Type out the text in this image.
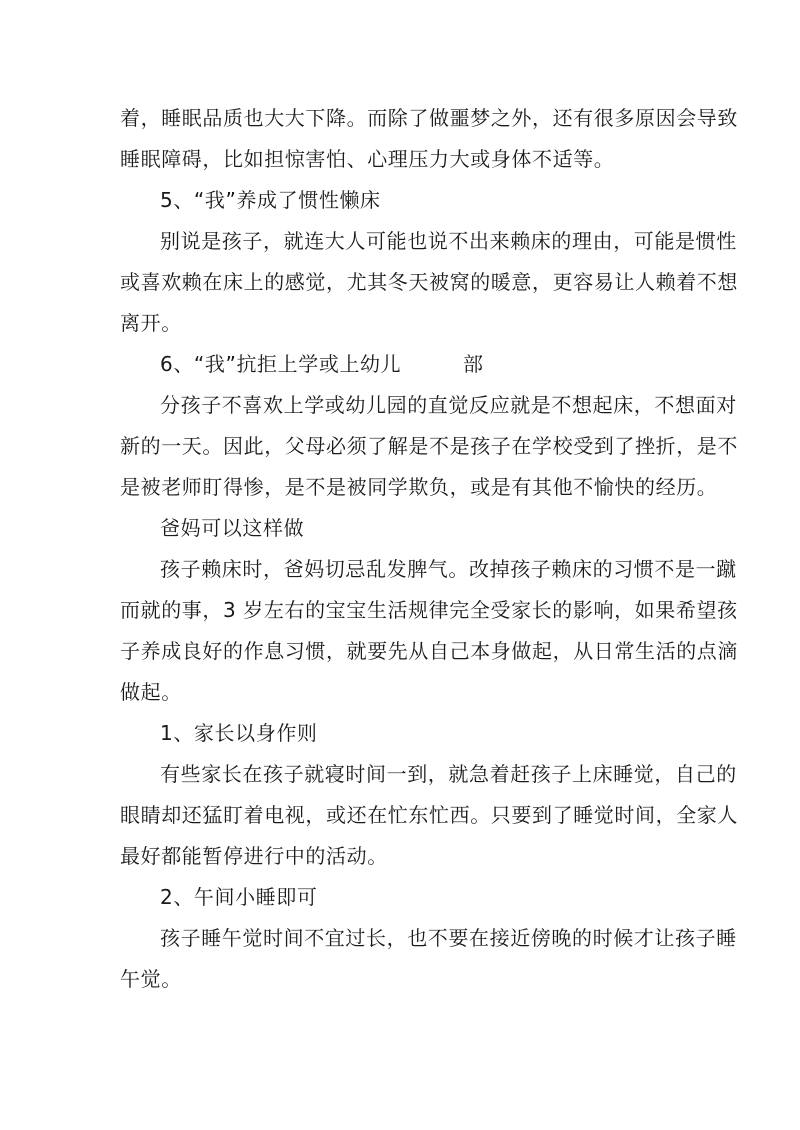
着，睡眠品质也大大下降。而除了做噩梦之外，还有很多原因会导致
睡眠障碍，比如担惊害怕、心理压力大或身体不适等。
5、“我”养成了惯性懒床
别说是孩子，就连大人可能也说不出来赖床的理由，可能是惯性
或喜欢赖在床上的感觉，尤其冬天被窝的暖意，更容易让人赖着不想
离开。
6、“我”抗拒上学或上幼儿　　　部
分孩子不喜欢上学或幼儿园的直觉反应就是不想起床，不想面对
新的一天。因此，父母必须了解是不是孩子在学校受到了挫折，是不
是被老师盯得惨，是不是被同学欺负，或是有其他不愉快的经历。
爸妈可以这样做
孩子赖床时，爸妈切忌乱发脾气。改掉孩子赖床的习惯不是一蹴
而就的事，3 岁左右的宝宝生活规律完全受家长的影响，如果希望孩
子养成良好的作息习惯，就要先从自己本身做起，从日常生活的点滴
做起。
1、家长以身作则
有些家长在孩子就寝时间一到，就急着赶孩子上床睡觉，自己的
眼睛却还猛盯着电视，或还在忙东忙西。只要到了睡觉时间，全家人
最好都能暂停进行中的活动。
2、午间小睡即可
孩子睡午觉时间不宜过长，也不要在接近傍晚的时候才让孩子睡
午觉。
